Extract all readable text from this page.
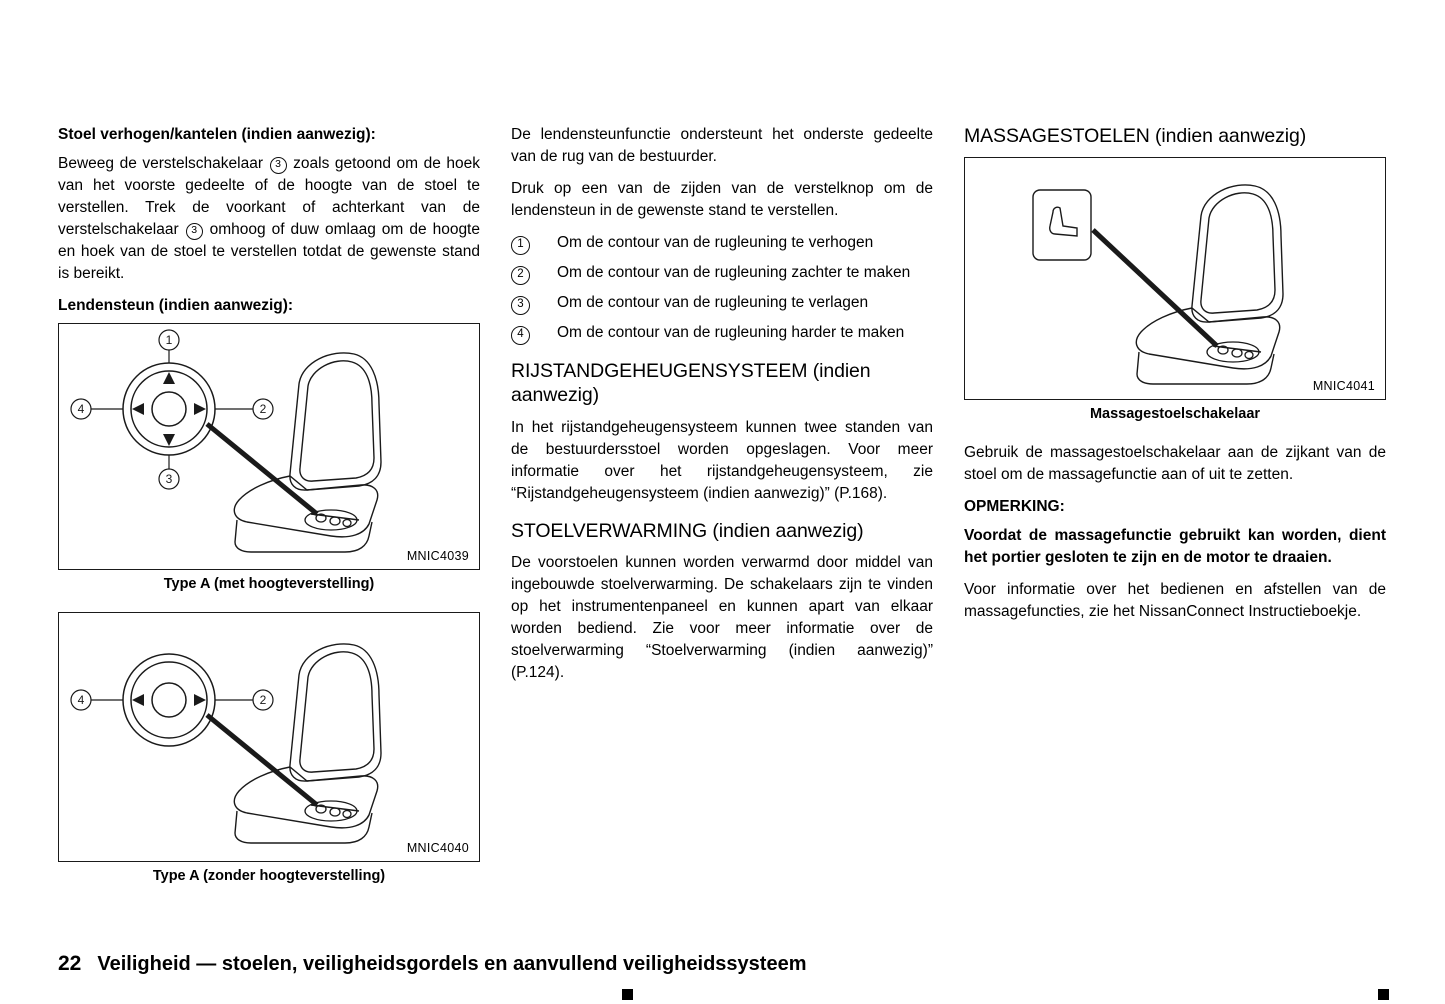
Stoel verhogen/kantelen (indien aanwezig):

Beweeg de verstelschakelaar 3 zoals getoond om de hoek van het voorste gedeelte of de hoogte van de stoel te verstellen. Trek de voorkant of achterkant van de verstelschakelaar 3 omhoog of duw omlaag om de hoogte en hoek van de stoel te verstellen totdat de gewenste stand is bereikt.

Lendensteun (indien aanwezig):
1
2
3
4
MNIC4039
Type A (met hoogteverstelling)
2
4
MNIC4040
Type A (zonder hoogteverstelling)

De lendensteunfunctie ondersteunt het onderste gedeelte van de rug van de bestuurder.

Druk op een van de zijden van de verstelknop om de lendensteun in de gewenste stand te verstellen.

1	Om de contour van de rugleuning te verhogen
2	Om de contour van de rugleuning zachter te maken
3	Om de contour van de rugleuning te verlagen
4	Om de contour van de rugleuning harder te maken
RIJSTANDGEHEUGENSYSTEEM (indien aanwezig)

In het rijstandgeheugensysteem kunnen twee standen van de bestuurdersstoel worden opgeslagen. Voor meer informatie over het rijstandgeheugensysteem, zie “Rijstandgeheugensysteem (indien aanwezig)” (P.168).

STOELVERWARMING (indien aanwezig)

De voorstoelen kunnen worden verwarmd door middel van ingebouwde stoelverwarming. De schakelaars zijn te vinden op het instrumentenpaneel en kunnen apart van elkaar worden bediend. Zie voor meer informatie over de stoelverwarming “Stoelverwarming (indien aanwezig)” (P.124).

MASSAGESTOELEN (indien aanwezig)
MNIC4041
Massagestoelschakelaar

Gebruik de massagestoelschakelaar aan de zijkant van de stoel om de massagefunctie aan of uit te zetten.

OPMERKING:

Voordat de massagefunctie gebruikt kan worden, dient het portier gesloten te zijn en de motor te draaien.

Voor informatie over het bedienen en afstellen van de massagefuncties, zie het NissanConnect Instructieboekje.

22 Veiligheid — stoelen, veiligheidsgordels en aanvullend veiligheidssysteem
